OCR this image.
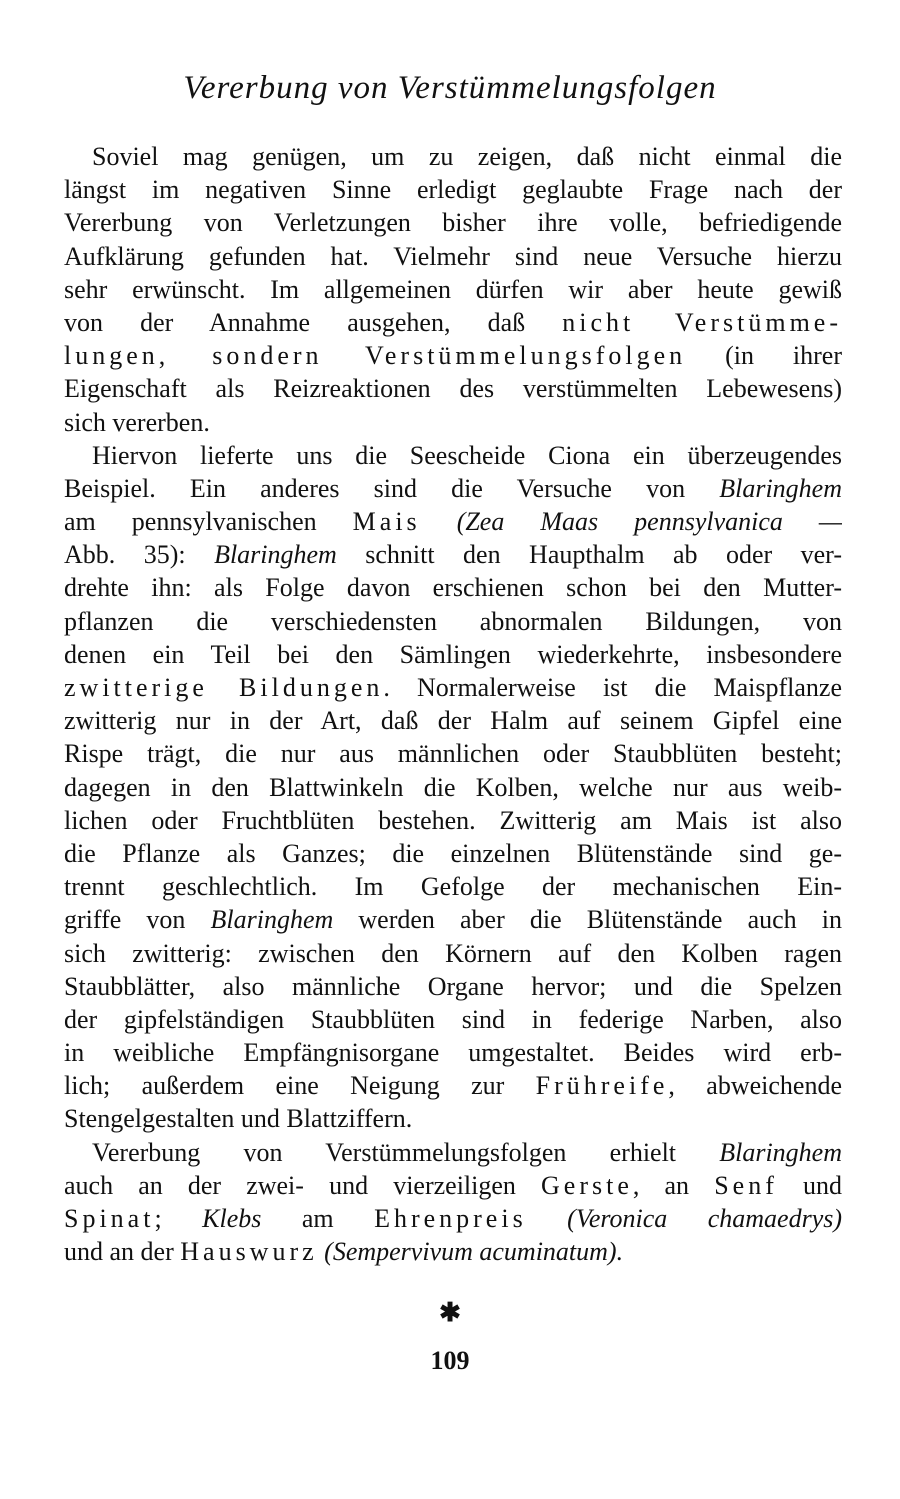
Vererbung von Verstümmelungsfolgen
Soviel mag genügen, um zu zeigen, daß nicht einmal die
längst im negativen Sinne erledigt geglaubte Frage nach der
Vererbung von Verletzungen bisher ihre volle, befriedigende
Aufklärung gefunden hat. Vielmehr sind neue Versuche hierzu
sehr erwünscht. Im allgemeinen dürfen wir aber heute gewiß
von der Annahme ausgehen, daß nicht Verstümme-
lungen, sondern Verstümmelungsfolgen (in ihrer
Eigenschaft als Reizreaktionen des verstümmelten Lebewesens)
sich vererben.
Hiervon lieferte uns die Seescheide Ciona ein überzeugendes
Beispiel. Ein anderes sind die Versuche von Blaringhem
am pennsylvanischen Mais (Zea Maas pennsylvanica —
Abb. 35): Blaringhem schnitt den Haupthalm ab oder ver-
drehte ihn: als Folge davon erschienen schon bei den Mutter-
pflanzen die verschiedensten abnormalen Bildungen, von
denen ein Teil bei den Sämlingen wiederkehrte, insbesondere
zwitterige Bildungen. Normalerweise ist die Maispflanze
zwitterig nur in der Art, daß der Halm auf seinem Gipfel eine
Rispe trägt, die nur aus männlichen oder Staubblüten besteht;
dagegen in den Blattwinkeln die Kolben, welche nur aus weib-
lichen oder Fruchtblüten bestehen. Zwitterig am Mais ist also
die Pflanze als Ganzes; die einzelnen Blütenstände sind ge-
trennt geschlechtlich. Im Gefolge der mechanischen Ein-
griffe von Blaringhem werden aber die Blütenstände auch in
sich zwitterig: zwischen den Körnern auf den Kolben ragen
Staubblätter, also männliche Organe hervor; und die Spelzen
der gipfelständigen Staubblüten sind in federige Narben, also
in weibliche Empfängnisorgane umgestaltet. Beides wird erb-
lich; außerdem eine Neigung zur Frühreife, abweichende
Stengelgestalten und Blattziffern.
Vererbung von Verstümmelungsfolgen erhielt Blaringhem
auch an der zwei- und vierzeiligen Gerste, an Senf und
Spinat; Klebs am Ehrenpreis (Veronica chamaedrys)
und an der Hauswurz (Sempervivum acuminatum).
✱
109
